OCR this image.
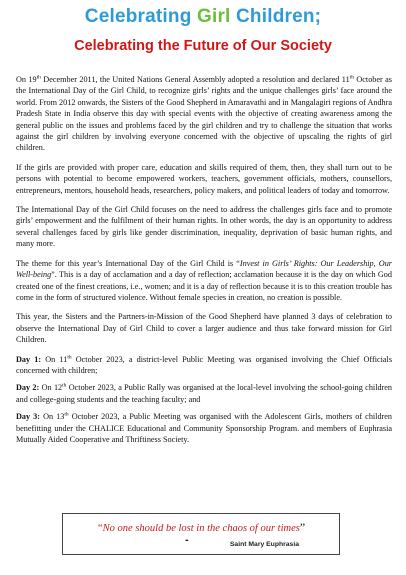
Celebrating Girl Children;
Celebrating the Future of Our Society

On 19th December 2011, the United Nations General Assembly adopted a resolution and declared 11th October as the International Day of the Girl Child, to recognize girls’ rights and the unique challenges girls’ face around the world. From 2012 onwards, the Sisters of the Good Shepherd in Amaravathi and in Mangalagiri regions of Andhra Pradesh State in India observe this day with special events with the objective of creating awareness among the general public on the issues and problems faced by the girl children and try to challenge the situation that works against the girl children by involving everyone concerned with the objective of upscaling the rights of girl children.

If the girls are provided with proper care, education and skills required of them, then, they shall turn out to be persons with potential to become empowered workers, teachers, government officials, mothers, counsellors, entrepreneurs, mentors, household heads, researchers, policy makers, and political leaders of today and tomorrow.

The International Day of the Girl Child focuses on the need to address the challenges girls face and to promote girls’ empowerment and the fulfilment of their human rights. In other words, the day is an opportunity to address several challenges faced by girls like gender discrimination, inequality, deprivation of basic human rights, and many more.

The theme for this year’s International Day of the Girl Child is “Invest in Girls’ Rights: Our Leadership, Our Well-being”. This is a day of acclamation and a day of reflection; acclamation because it is the day on which God created one of the finest creations, i.e., women; and it is a day of reflection because it is to this creation trouble has come in the form of structured violence. Without female species in creation, no creation is possible.

This year, the Sisters and the Partners-in-Mission of the Good Shepherd have planned 3 days of celebration to observe the International Day of Girl Child to cover a larger audience and thus take forward mission for Girl Children.

Day 1: On 11th October 2023, a district-level Public Meeting was organised involving the Chief Officials concerned with children;

Day 2: On 12th October 2023, a Public Rally was organised at the local-level involving the school-going children and college-going students and the teaching faculty; and

Day 3: On 13th October 2023, a Public Meeting was organised with the Adolescent Girls, mothers of children benefitting under the CHALICE Educational and Community Sponsorship Program. and members of Euphrasia Mutually Aided Cooperative and Thriftiness Society.

“No one should be lost in the chaos of our times”
-	Saint Mary Euphrasia
